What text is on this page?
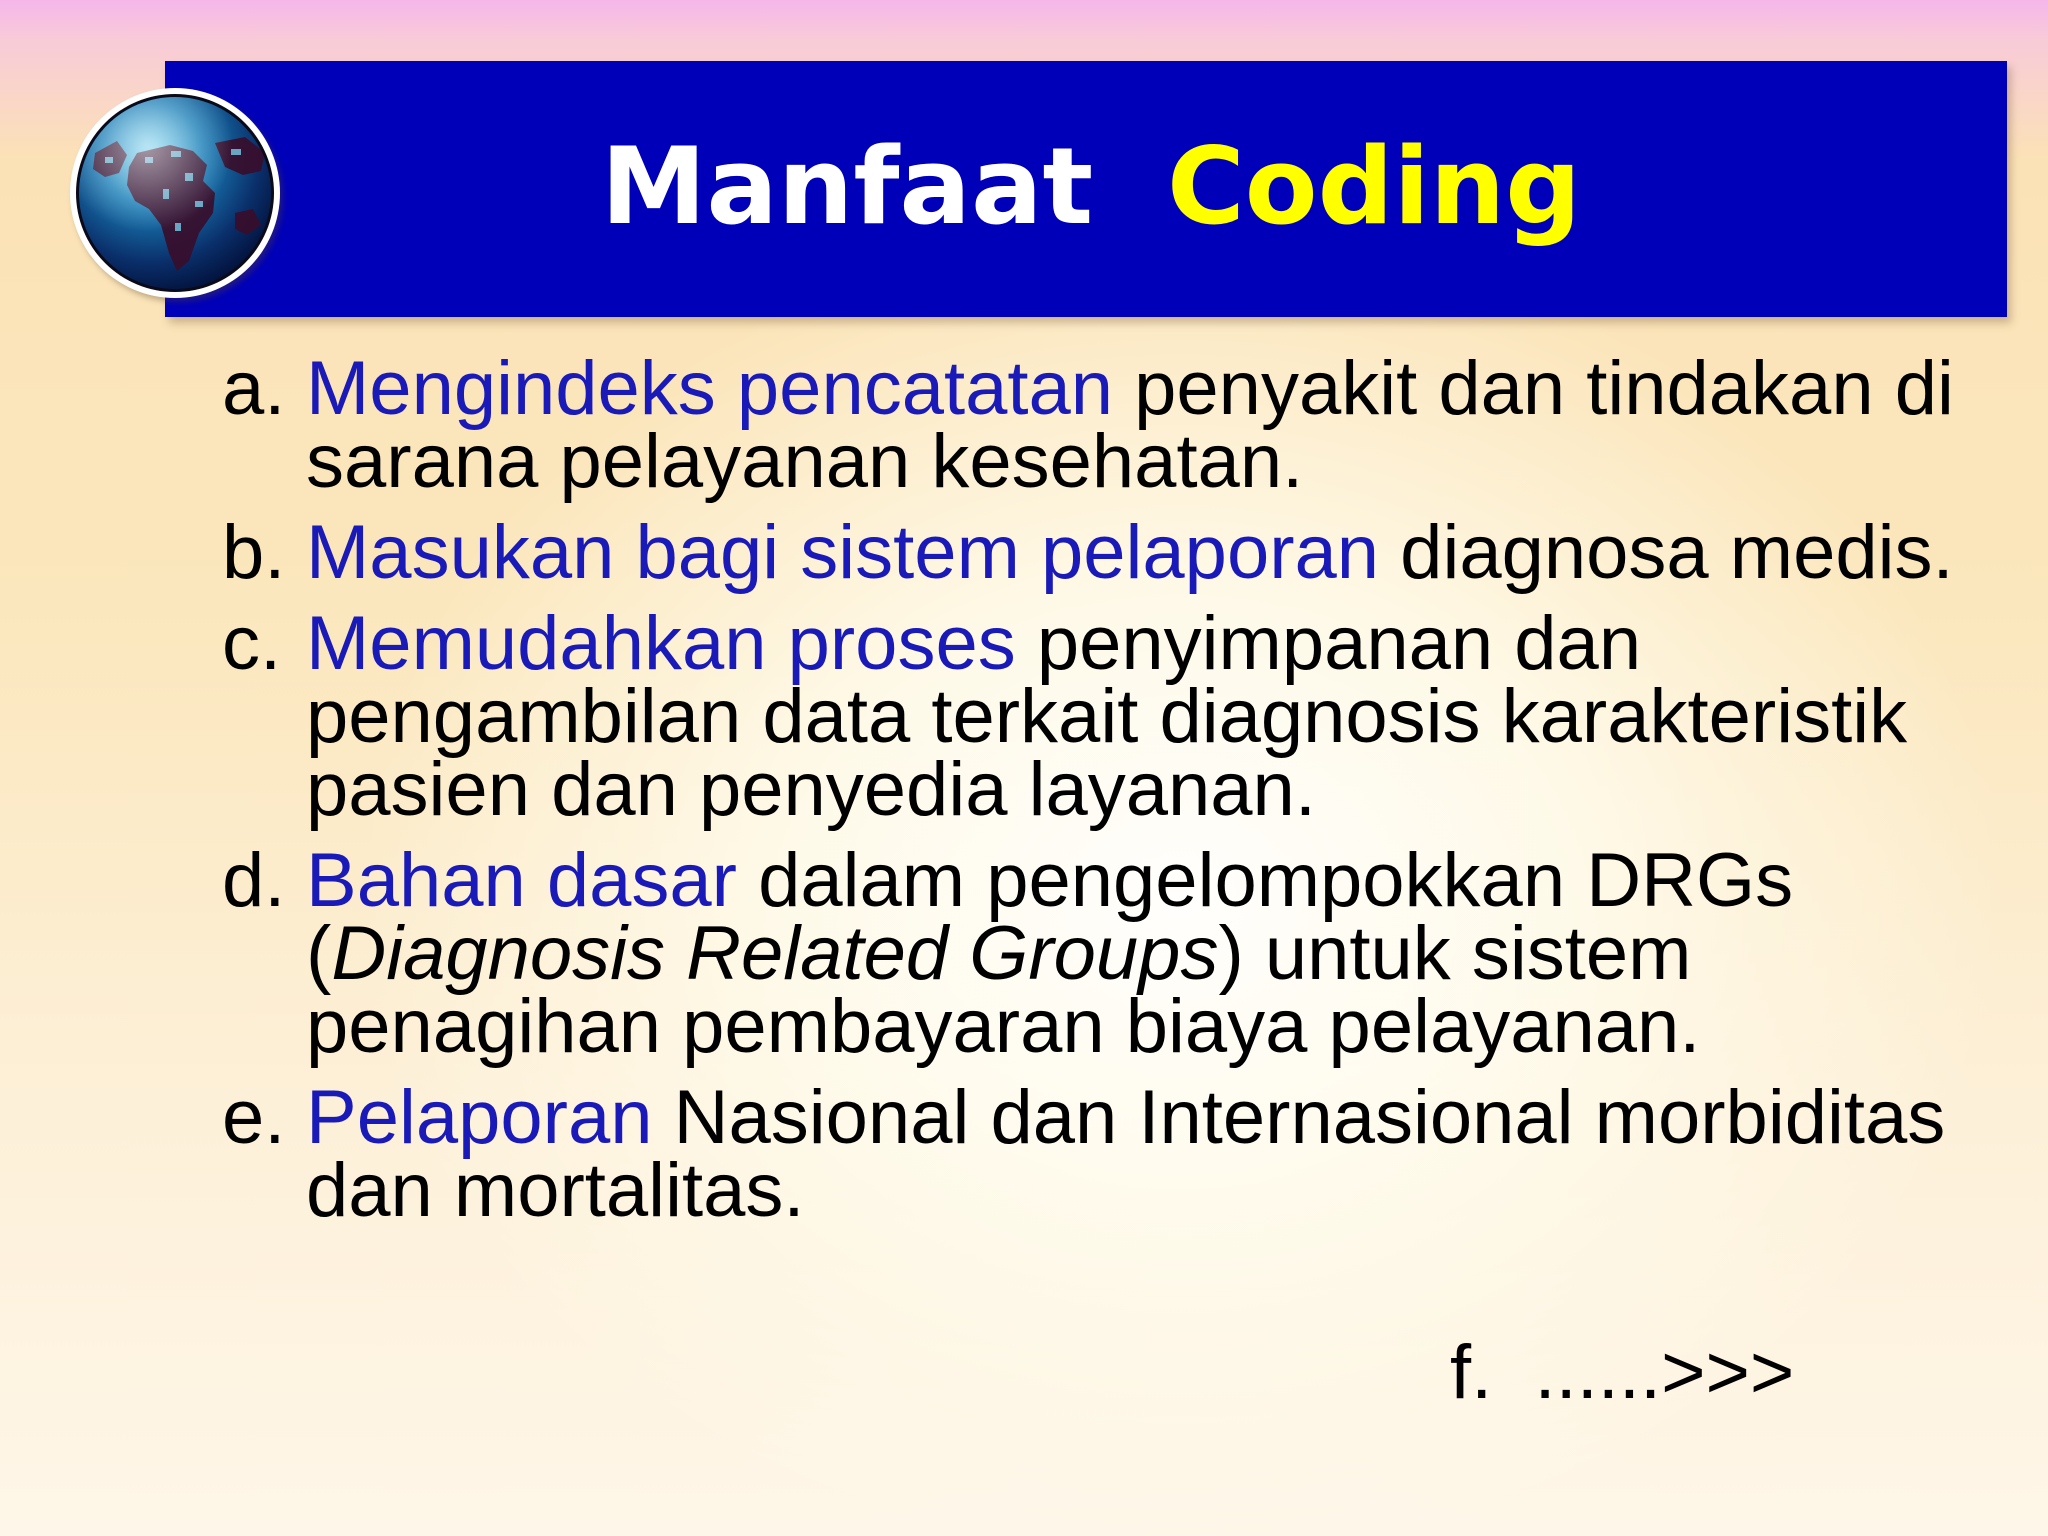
Manfaat Coding
a. Mengindeks pencatatan penyakit dan tindakan di sarana pelayanan kesehatan.
b. Masukan bagi sistem pelaporan diagnosa medis.
c. Memudahkan proses penyimpanan dan pengambilan data terkait diagnosis karakteristik pasien dan penyedia layanan.
d. Bahan dasar dalam pengelompokkan DRGs (Diagnosis Related Groups) untuk sistem penagihan pembayaran biaya pelayanan.
e. Pelaporan Nasional dan Internasional morbiditas dan mortalitas.
f.  ......>>>
